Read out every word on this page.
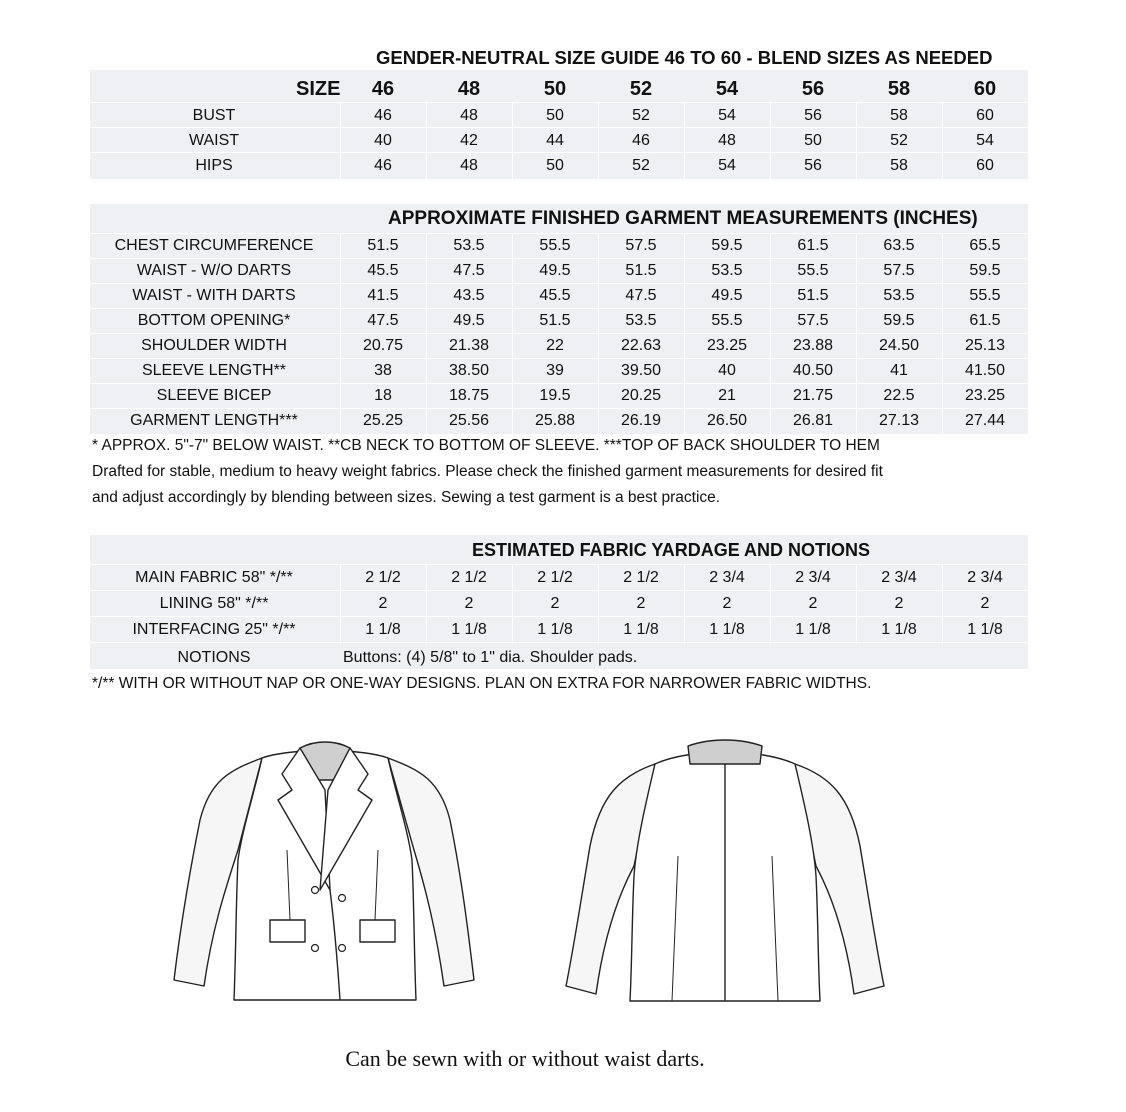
GENDER-NEUTRAL SIZE GUIDE 46 TO 60 - BLEND SIZES AS NEEDED
SIZE	46	48	50	52	54	56	58	60
BUST	46	48	50	52	54	56	58	60
WAIST	40	42	44	46	48	50	52	54
HIPS	46	48	50	52	54	56	58	60
APPROXIMATE FINISHED GARMENT MEASUREMENTS (INCHES)
CHEST CIRCUMFERENCE	51.5	53.5	55.5	57.5	59.5	61.5	63.5	65.5
WAIST - W/O DARTS	45.5	47.5	49.5	51.5	53.5	55.5	57.5	59.5
WAIST - WITH DARTS	41.5	43.5	45.5	47.5	49.5	51.5	53.5	55.5
BOTTOM OPENING*	47.5	49.5	51.5	53.5	55.5	57.5	59.5	61.5
SHOULDER WIDTH	20.75	21.38	22	22.63	23.25	23.88	24.50	25.13
SLEEVE LENGTH**	38	38.50	39	39.50	40	40.50	41	41.50
SLEEVE BICEP	18	18.75	19.5	20.25	21	21.75	22.5	23.25
GARMENT LENGTH***	25.25	25.56	25.88	26.19	26.50	26.81	27.13	27.44
* APPROX. 5"-7" BELOW WAIST. **CB NECK TO BOTTOM OF SLEEVE. ***TOP OF BACK SHOULDER TO HEM
Drafted for stable, medium to heavy weight fabrics. Please check the finished garment measurements for desired fit
and adjust accordingly by blending between sizes. Sewing a test garment is a best practice.
ESTIMATED FABRIC YARDAGE AND NOTIONS
MAIN FABRIC 58" */**	2 1/2	2 1/2	2 1/2	2 1/2	2 3/4	2 3/4	2 3/4	2 3/4
LINING 58" */**	2	2	2	2	2	2	2	2
INTERFACING 25" */**	1 1/8	1 1/8	1 1/8	1 1/8	1 1/8	1 1/8	1 1/8	1 1/8
NOTIONS	Buttons: (4) 5/8" to 1" dia. Shoulder pads.
*/** WITH OR WITHOUT NAP OR ONE-WAY DESIGNS. PLAN ON EXTRA FOR NARROWER FABRIC WIDTHS.
Can be sewn with or without waist darts.
